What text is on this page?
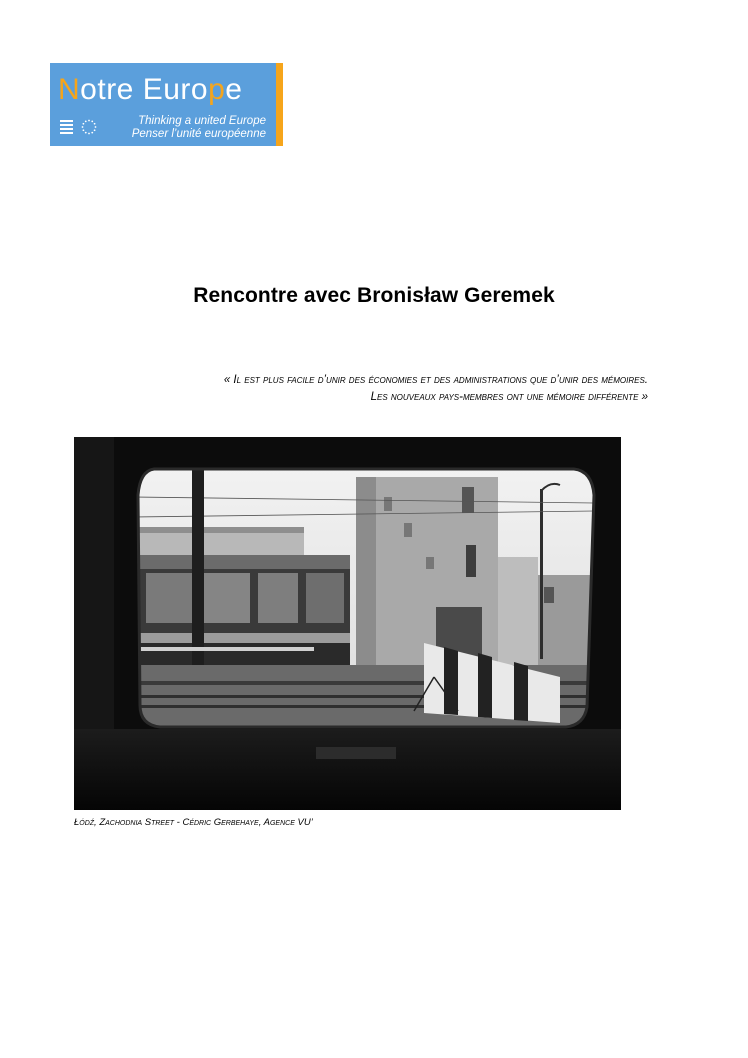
Notre Europe
Thinking a united Europe
Penser l’unité européenne
Rencontre avec Bronisław Geremek
« Il est plus facile d’unir des économies et des administrations que d’unir des mémoires.
Les nouveaux pays-membres ont une mémoire différente »
Łódź, Zachodnia Street - Cédric Gerbehaye, Agence VU’
